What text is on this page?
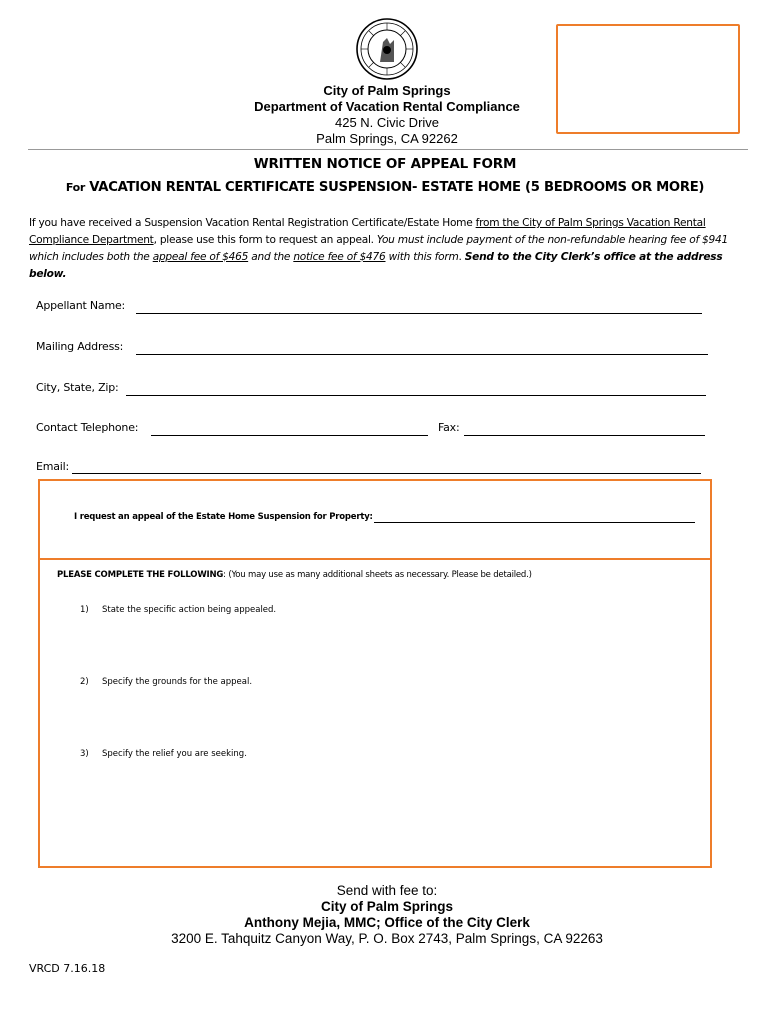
City of Palm Springs
Department of Vacation Rental Compliance
425 N. Civic Drive
Palm Springs, CA 92262
WRITTEN NOTICE OF APPEAL FORM
For VACATION RENTAL CERTIFICATE SUSPENSION- ESTATE HOME (5 BEDROOMS OR MORE)
If you have received a Suspension Vacation Rental Registration Certificate/Estate Home from the City of Palm Springs Vacation Rental Compliance Department, please use this form to request an appeal. You must include payment of the non-refundable hearing fee of $941 which includes both the appeal fee of $465 and the notice fee of $476 with this form. Send to the City Clerk’s office at the address below.
Appellant Name:
Mailing Address:
City, State, Zip:
Contact Telephone:	Fax:
Email:
I request an appeal of the Estate Home Suspension for Property:
PLEASE COMPLETE THE FOLLOWING: (You may use as many additional sheets as necessary. Please be detailed.)
1) State the specific action being appealed.
2) Specify the grounds for the appeal.
3) Specify the relief you are seeking.
Send with fee to:
City of Palm Springs
Anthony Mejia, MMC; Office of the City Clerk
3200 E. Tahquitz Canyon Way, P. O. Box 2743, Palm Springs, CA 92263
VRCD 7.16.18
